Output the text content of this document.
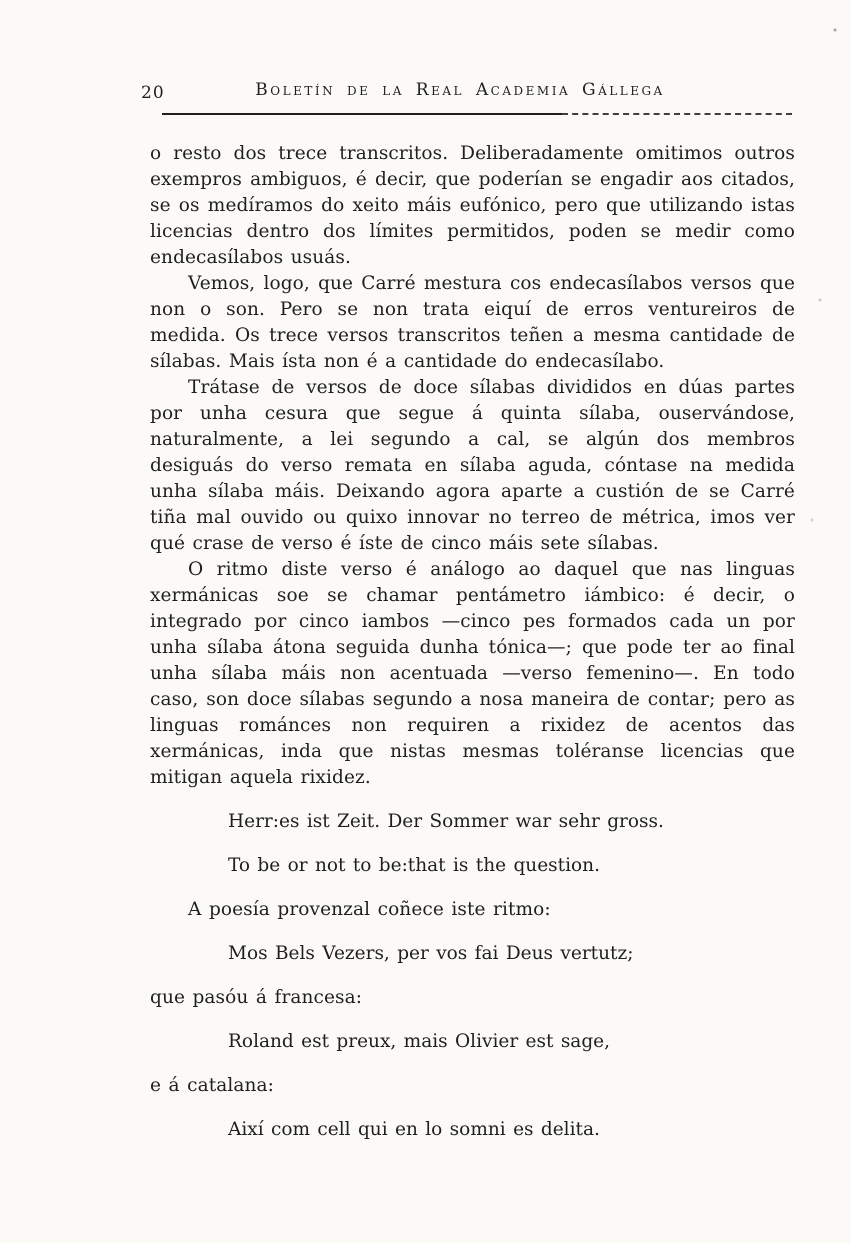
20	Boletín de la Real Academia Gállega

o resto dos trece transcritos. Deliberadamente omitimos outros exempros ambiguos, é decir, que poderían se engadir aos citados, se os medíramos do xeito máis eufónico, pero que utilizando istas licencias dentro dos límites permitidos, poden se medir como endecasílabos usuás.

Vemos, logo, que Carré mestura cos endecasílabos versos que non o son. Pero se non trata eiquí de erros ventureiros de medida. Os trece versos transcritos teñen a mesma cantidade de sílabas. Mais ísta non é a cantidade do endecasílabo.

Trátase de versos de doce sílabas divididos en dúas partes por unha cesura que segue á quinta sílaba, ouservándose, naturalmente, a lei segundo a cal, se algún dos membros desiguás do verso remata en sílaba aguda, cóntase na medida unha sílaba máis. Deixando agora aparte a custión de se Carré tiña mal ouvido ou quixo innovar no terreo de métrica, imos ver qué crase de verso é íste de cinco máis sete sílabas.

O ritmo diste verso é análogo ao daquel que nas linguas xermánicas soe se chamar pentámetro iámbico: é decir, o integrado por cinco iambos —cinco pes formados cada un por unha sílaba átona seguida dunha tónica—; que pode ter ao final unha sílaba máis non acentuada —verso femenino—. En todo caso, son doce sílabas segundo a nosa maneira de contar; pero as linguas románces non requiren a rixidez de acentos das xermánicas, inda que nistas mesmas toléranse licencias que mitigan aquela rixidez.

Herr:es ist Zeit. Der Sommer war sehr gross.

To be or not to be:that is the question.

A poesía provenzal coñece iste ritmo:

Mos Bels Vezers, per vos fai Deus vertutz;

que pasóu á francesa:

Roland est preux, mais Olivier est sage,

e á catalana:

Així com cell qui en lo somni es delita.
